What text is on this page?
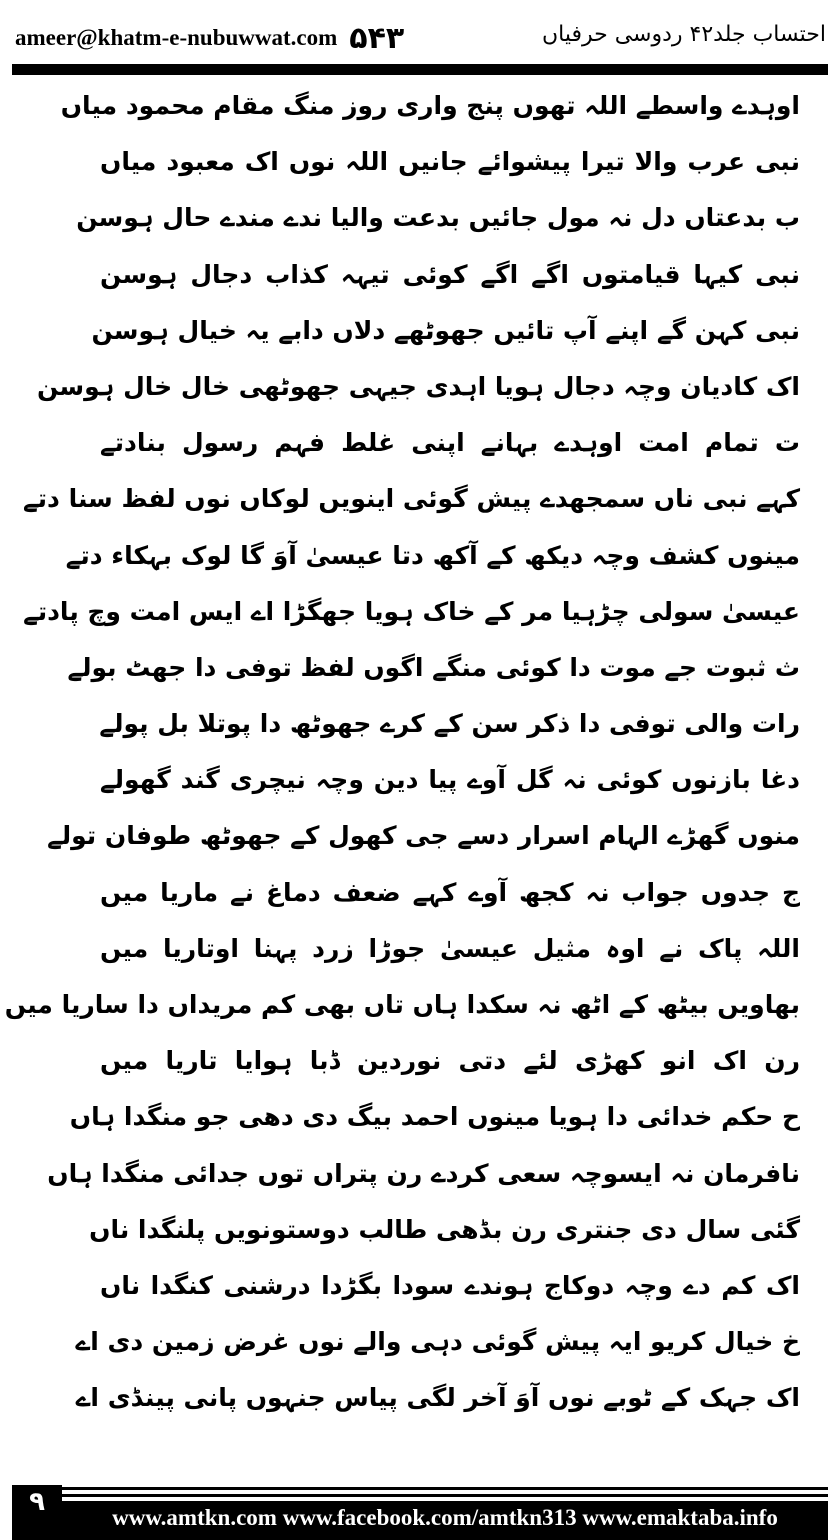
ameer@khatm-e-nubuwwat.com ۵۴۳	احتساب جلد۴۲ ردوسی حرفیاں
اوہدے واسطے اللہ تھوں پنج واری روز منگ مقام محمود میاں
نبی عرب والا تیرا پیشوائے جانیں اللہ نوں اک معبود میاں
ب بدعتاں دل نہ مول جائیں بدعت والیا ندے مندے حال ہوسن
نبی کیہا قیامتوں اگے اگے کوئی تیہہ کذاب دجال ہوسن
نبی کہن گے اپنے آپ تائیں جھوٹھے دلاں دابے یہ خیال ہوسن
اک کادیان وچہ دجال ہویا اہدی جیہی جھوٹھی خال خال ہوسن
ت تمام امت اوہدے بہانے اپنی غلط فہم رسول بنادتے
کہے نبی ناں سمجھدے پیش گوئی اینویں لوکاں نوں لفظ سنا دتے
مینوں کشف وچہ دیکھ کے آکھ دتا عیسیٰ آوَ گا لوک بہکاء دتے
عیسیٰ سولی چڑہیا مر کے خاک ہویا جھگڑا اے ایس امت وچ پادتے
ث ثبوت جے موت دا کوئی منگے اگوں لفظ توفی دا جھٹ بولے
رات والی توفی دا ذکر سن کے کرے جھوٹھ دا پوتلا بل پولے
دغا بازنوں کوئی نہ گل آوے پیا دین وچہ نیچری گند گھولے
منوں گھڑے الہام اسرار دسے جی کھول کے جھوٹھ طوفان تولے
ج جدوں جواب نہ کجھ آوے کہے ضعف دماغ نے ماریا میں
اللہ پاک نے اوہ مثیل عیسیٰ جوڑا زرد پہنا اوتاریا میں
بھاویں بیٹھ کے اٹھ نہ سکدا ہاں تاں بھی کم مریداں دا ساریا میں
رن اک انو کھڑی لئے دتی نوردین ڈبا ہوایا تاریا میں
ح حکم خدائی دا ہویا مینوں احمد بیگ دی دھی جو منگدا ہاں
نافرمان نہ ایسوچہ سعی کردے رن پتراں توں جدائی منگدا ہاں
گئی سال دی جنتری رن بڈھی طالب دوستونویں پلنگدا ناں
اک کم دے وچہ دوکاج ہوندے سودا بگڑدا درشنی کنگدا ناں
خ خیال کریو ایہ پیش گوئی دہی والے نوں غرض زمین دی اے
اک جہک کے ٹوبے نوں آوَ آخر لگی پیاس جنہوں پانی پینڈی اے
۹
www.amtkn.com www.facebook.com/amtkn313 www.emaktaba.info
